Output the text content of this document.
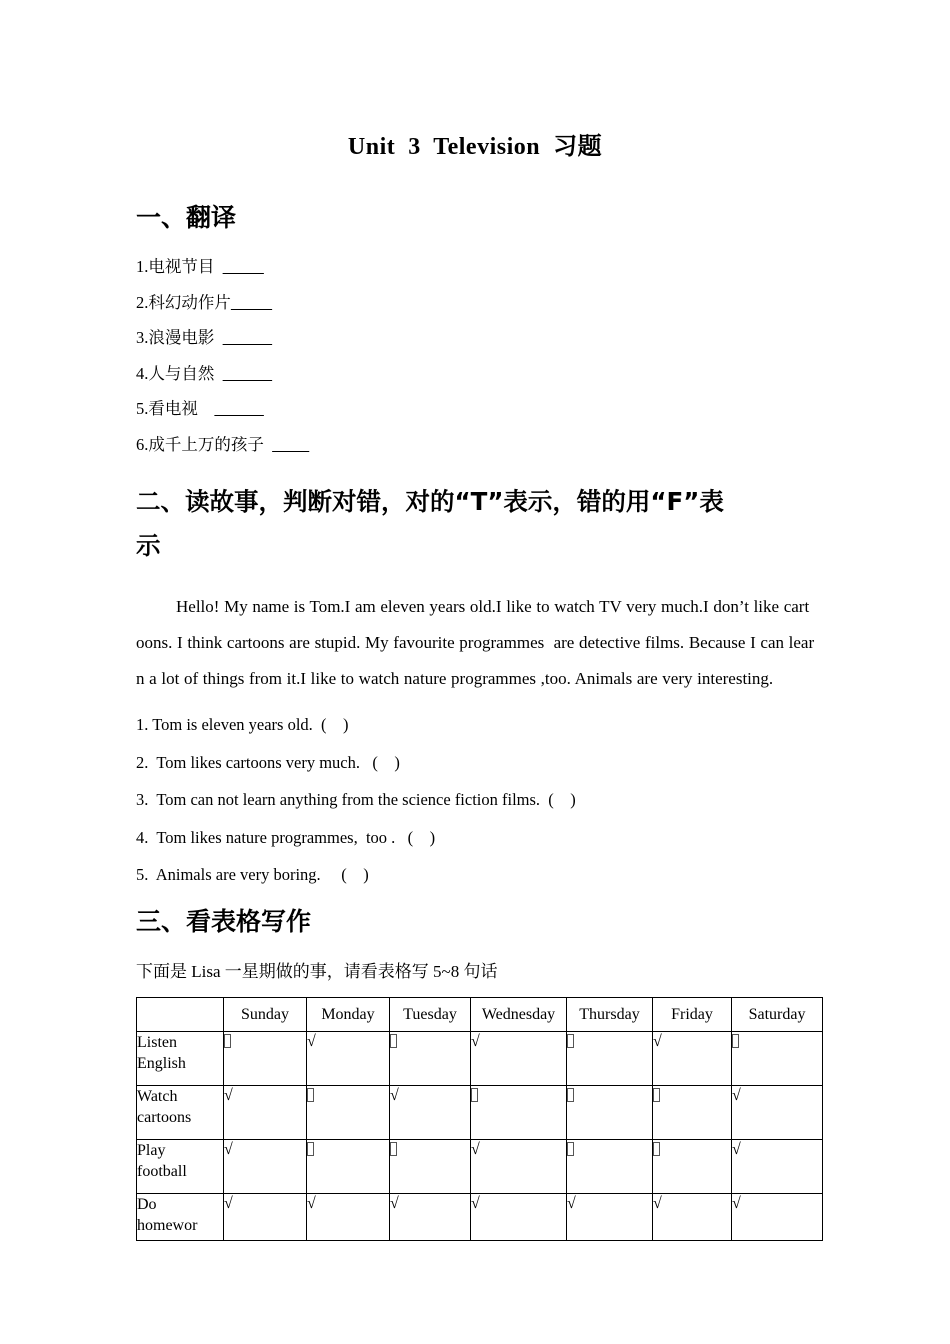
Unit  3  Television  习题
一、翻译
1.电视节目
2.科幻动作片
3.浪漫电影
4.人与自然
5.看电视
6.成千上万的孩子
二、读故事，判断对错，对的“T”表示，错的用“F”表
示

Hello! My name is Tom.I am eleven years old.I like to watch TV very much.I don’t like cart
oons. I think cartoons are stupid. My favourite programmes  are detective films. Because I can lear
n a lot of things from it.I like to watch nature programmes ,too. Animals are very interesting.

1. Tom is eleven years old.  (    )
2.  Tom likes cartoons very much.   (    )
3.  Tom can not learn anything from the science fiction films.  (    )
4.  Tom likes nature programmes,  too .   (    )
5.  Animals are very boring.     (    )
三、看表格写作

下面是 Lisa 一星期做的事，请看表格写 5~8 句话

	Sunday	Monday	Tuesday	Wednesday	Thursday	Friday	Saturday
Listen
English		√		√		√	
Watch
cartoons	√		√				√
Play
football	√			√			√
Do
homewor	√	√	√	√	√	√	√
